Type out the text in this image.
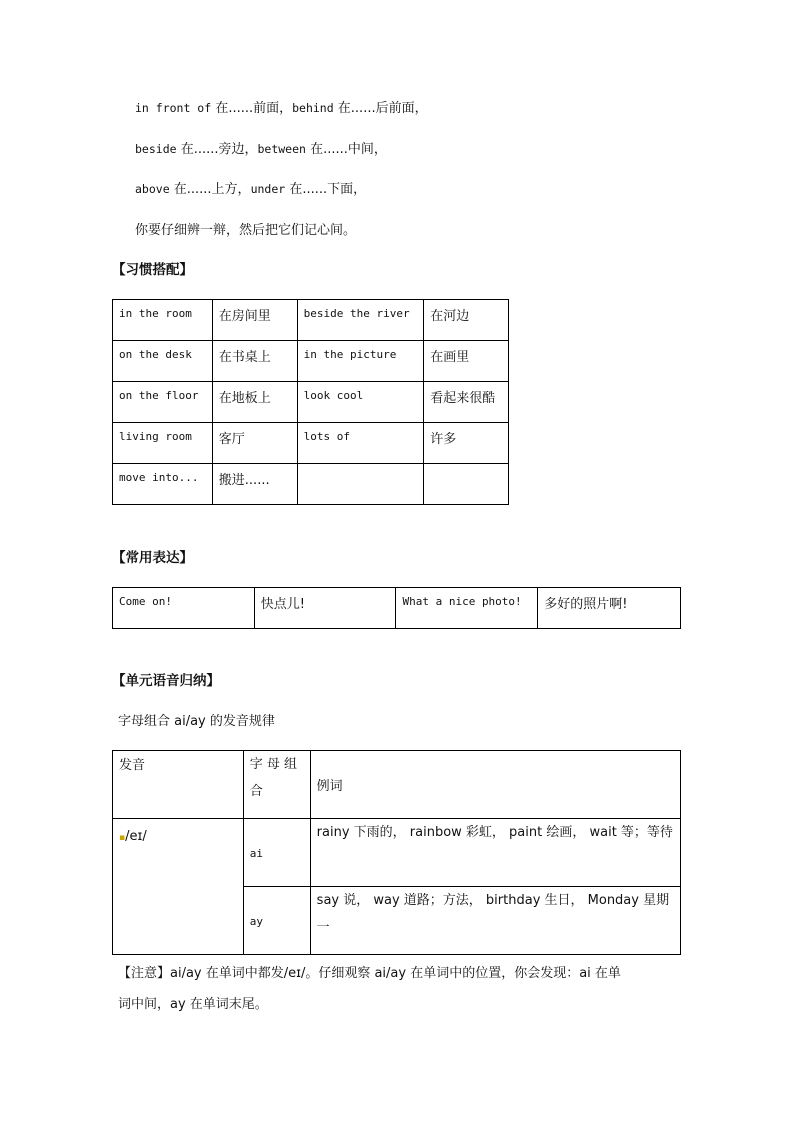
in front of 在......前面，behind 在......后前面，
beside 在......旁边，between 在......中间，
above 在......上方，under 在......下面，
你要仔细辨一辩，然后把它们记心间。
【习惯搭配】
in the room	在房间里	beside the river	在河边
on the desk	在书桌上	in the picture	在画里
on the floor	在地板上	look cool	看起来很酷
living room	客厅	lots of	许多
move into...	搬进......		
【常用表达】
Come on!	快点儿!	What a nice photo!	多好的照片啊!
【单元语音归纳】
字母组合 ai/ay 的发音规律
发音	字 母 组 合	例词
▪/eɪ/	ai	rainy 下雨的， rainbow 彩虹， paint 绘画， wait 等；等待
	ay	say 说， way 道路；方法， birthday 生日， Monday 星期一
【注意】ai/ay 在单词中都发/eɪ/。仔细观察 ai/ay 在单词中的位置，你会发现：ai 在单
词中间，ay 在单词末尾。
